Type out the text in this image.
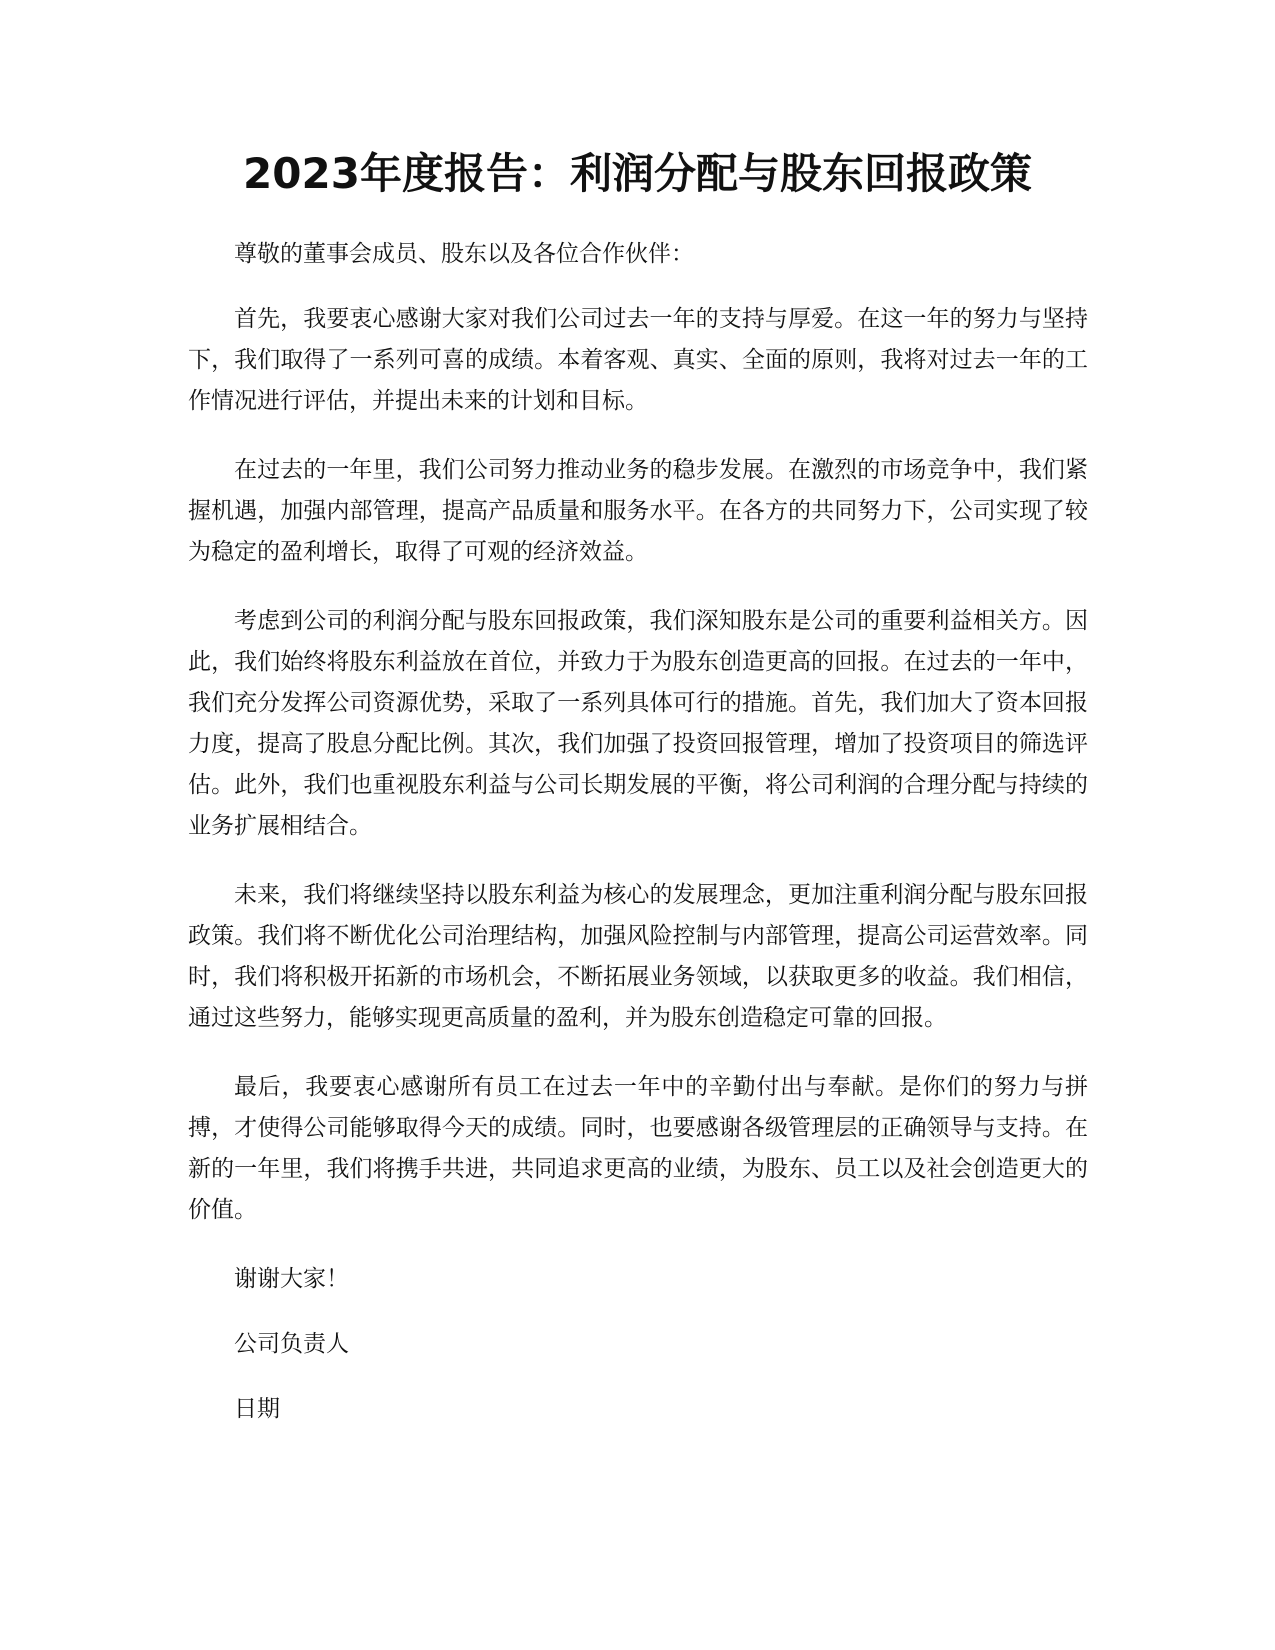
2023年度报告：利润分配与股东回报政策

尊敬的董事会成员、股东以及各位合作伙伴：

首先，我要衷心感谢大家对我们公司过去一年的支持与厚爱。在这一年的努力与坚持下，我们取得了一系列可喜的成绩。本着客观、真实、全面的原则，我将对过去一年的工作情况进行评估，并提出未来的计划和目标。

在过去的一年里，我们公司努力推动业务的稳步发展。在激烈的市场竞争中，我们紧握机遇，加强内部管理，提高产品质量和服务水平。在各方的共同努力下，公司实现了较为稳定的盈利增长，取得了可观的经济效益。

考虑到公司的利润分配与股东回报政策，我们深知股东是公司的重要利益相关方。因此，我们始终将股东利益放在首位，并致力于为股东创造更高的回报。在过去的一年中，我们充分发挥公司资源优势，采取了一系列具体可行的措施。首先，我们加大了资本回报力度，提高了股息分配比例。其次，我们加强了投资回报管理，增加了投资项目的筛选评估。此外，我们也重视股东利益与公司长期发展的平衡，将公司利润的合理分配与持续的业务扩展相结合。

未来，我们将继续坚持以股东利益为核心的发展理念，更加注重利润分配与股东回报政策。我们将不断优化公司治理结构，加强风险控制与内部管理，提高公司运营效率。同时，我们将积极开拓新的市场机会，不断拓展业务领域，以获取更多的收益。我们相信，通过这些努力，能够实现更高质量的盈利，并为股东创造稳定可靠的回报。

最后，我要衷心感谢所有员工在过去一年中的辛勤付出与奉献。是你们的努力与拼搏，才使得公司能够取得今天的成绩。同时，也要感谢各级管理层的正确领导与支持。在新的一年里，我们将携手共进，共同追求更高的业绩，为股东、员工以及社会创造更大的价值。

谢谢大家！

公司负责人

日期
